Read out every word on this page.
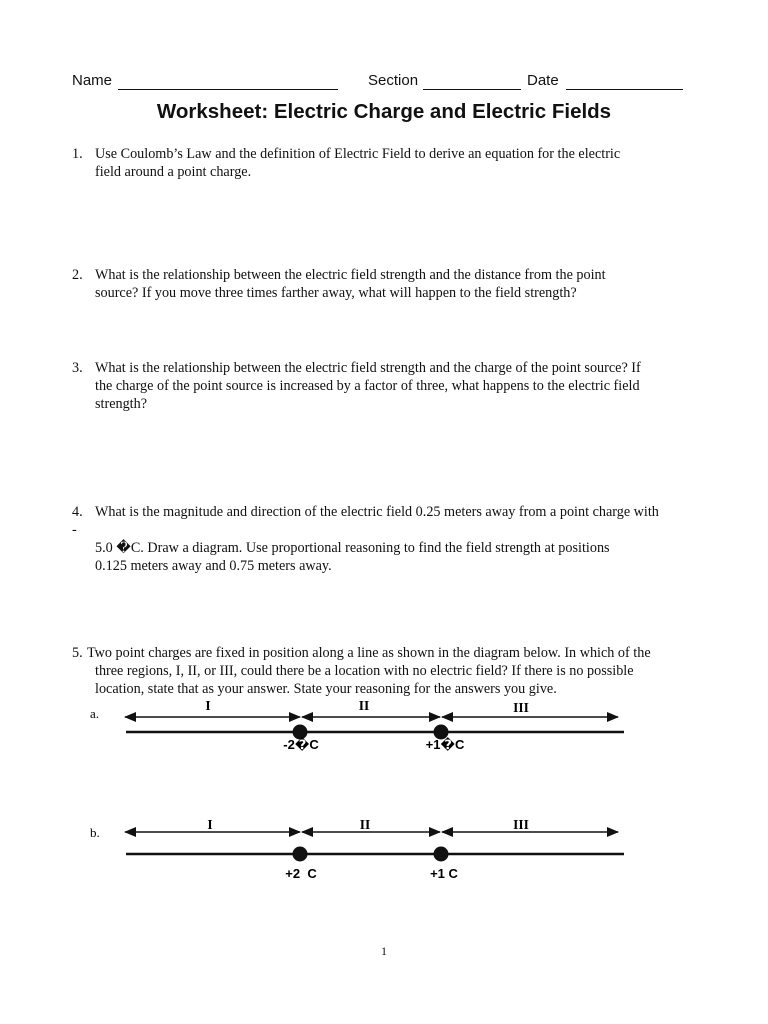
Name	Section	Date
Worksheet: Electric Charge and Electric Fields
1. Use Coulomb’s Law and the definition of Electric Field to derive an equation for the electric
field around a point charge.
2. What is the relationship between the electric field strength and the distance from the point
source? If you move three times farther away, what will happen to the field strength?
3. What is the relationship between the electric field strength and the charge of the point source? If
the charge of the point source is increased by a factor of three, what happens to the electric field
strength?
4. What is the magnitude and direction of the electric field 0.25 meters away from a point charge with
-
5.0 �C. Draw a diagram. Use proportional reasoning to find the field strength at positions
0.125 meters away and 0.75 meters away.
5. Two point charges are fixed in position along a line as shown in the diagram below. In which of the
three regions, I, II, or III, could there be a location with no electric field? If there is no possible
location, state that as your answer. State your reasoning for the answers you give.
a.
I	II	III
-2�C	+1�C
b.
I	II	III
+2  C	+1 C
1
